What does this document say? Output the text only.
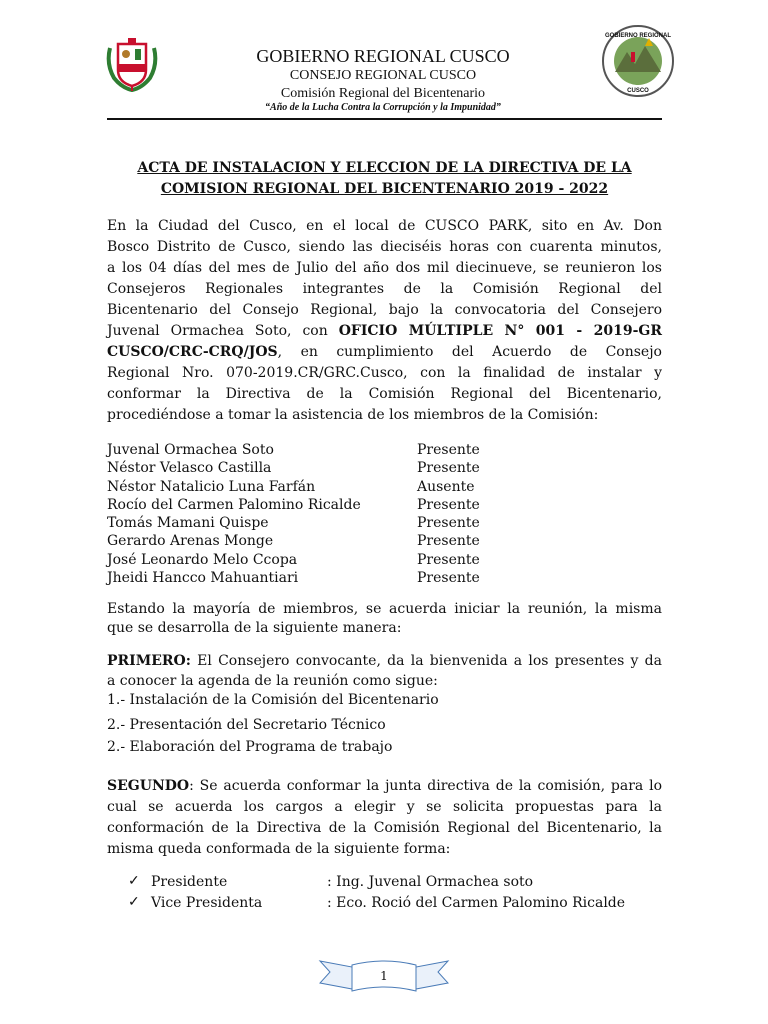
GOBIERNO REGIONAL
CUSCO
GOBIERNO REGIONAL CUSCO
CONSEJO REGIONAL CUSCO
Comisión Regional del Bicentenario
“Año de la Lucha Contra la Corrupción y la Impunidad”
ACTA DE INSTALACION Y ELECCION DE LA DIRECTIVA DE LA
COMISION REGIONAL DEL BICENTENARIO 2019 - 2022
En la Ciudad del Cusco, en el local de CUSCO PARK, sito en Av. Don
Bosco Distrito de Cusco, siendo las dieciséis horas con cuarenta minutos,
a los 04 días del mes de Julio del año dos mil diecinueve, se reunieron los
Consejeros Regionales integrantes de la Comisión Regional del
Bicentenario del Consejo Regional, bajo la convocatoria del Consejero
Juvenal Ormachea Soto, con OFICIO MÚLTIPLE N° 001 - 2019-GR
CUSCO/CRC-CRQ/JOS, en cumplimiento del Acuerdo de Consejo
Regional Nro. 070-2019.CR/GRC.Cusco, con la finalidad de instalar y
conformar la Directiva de la Comisión Regional del Bicentenario,
procediéndose a tomar la asistencia de los miembros de la Comisión:
Juvenal Ormachea Soto	Presente
Néstor Velasco Castilla	Presente
Néstor Natalicio Luna Farfán	Ausente
Rocío del Carmen Palomino Ricalde	Presente
Tomás Mamani Quispe	Presente
Gerardo Arenas Monge	Presente
José Leonardo Melo Ccopa	Presente
Jheidi Hancco Mahuantiari	Presente
Estando la mayoría de miembros, se acuerda iniciar la reunión, la misma
que se desarrolla de la siguiente manera:
PRIMERO: El Consejero convocante, da la bienvenida a los presentes y da
a conocer la agenda de la reunión como sigue:
1.- Instalación de la Comisión del Bicentenario
2.- Presentación del Secretario Técnico
2.- Elaboración del Programa de trabajo
SEGUNDO: Se acuerda conformar la junta directiva de la comisión, para lo
cual se acuerda los cargos a elegir y se solicita propuestas para la
conformación de la Directiva de la Comisión Regional del Bicentenario, la
misma queda conformada de la siguiente forma:
✓ Presidente	: Ing. Juvenal Ormachea soto
✓ Vice Presidenta	: Eco. Roció del Carmen Palomino Ricalde
1
